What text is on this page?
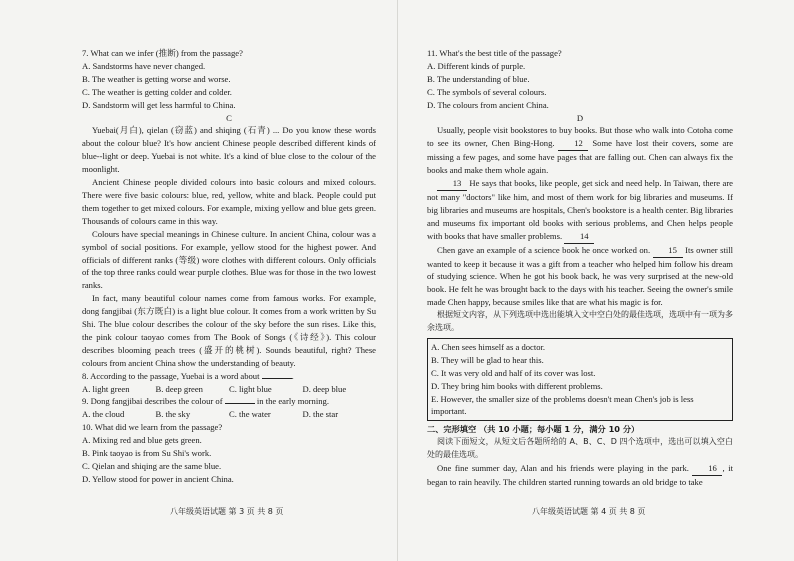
7. What can we infer (推断) from the passage?
A. Sandstorms have never changed.
B. The weather is getting worse and worse.
C. The weather is getting colder and colder.
D. Sandstorm will get less harmful to China.
C

Yuebai(月白), qielan (窃蓝) and shiqing (石青) ... Do you know these words about the colour blue? It's how ancient Chinese people described different kinds of blue--light or deep. Yuebai is not white. It's a kind of blue close to the colour of the moonlight.

Ancient Chinese people divided colours into basic colours and mixed colours. There were five basic colours: blue, red, yellow, white and black. People could put them together to get mixed colours. For example, mixing yellow and blue gets green. Thousands of colours came in this way.

Colours have special meanings in Chinese culture. In ancient China, colour was a symbol of social positions. For example, yellow stood for the highest power. And officials of different ranks (等级) wore clothes with different colours. Only officials of the top three ranks could wear purple clothes. Blue was for those in the two lowest ranks.

In fact, many beautiful colour names come from famous works. For example, dong fangjibai (东方既白) is a light blue colour. It comes from a work written by Su Shi. The blue colour describes the colour of the sky before the sun rises. Like this, the pink colour taoyao comes from The Book of Songs (《诗经》). This colour describes blooming peach trees (盛开的桃树). Sounds beautiful, right? These colours from ancient China show the understanding of beauty.

8. According to the passage, Yuebai is a word about	.
A. light green	B. deep green	C. light blue	D. deep blue
9. Dong fangjibai describes the colour of	in the early morning.
A. the cloud	B. the sky	C. the water	D. the star
10. What did we learn from the passage?
A. Mixing red and blue gets green.
B. Pink taoyao is from Su Shi's work.
C. Qielan and shiqing are the same blue.
D. Yellow stood for power in ancient China.
八年级英语试题 第 3 页 共 8 页
11. What's the best title of the passage?
A. Different kinds of purple.
B. The understanding of blue.
C. The symbols of several colours.
D. The colours from ancient China.
D

Usually, people visit bookstores to buy books. But those who walk into Cotoha come to see its owner, Chen Bing-Hong. 12 Some have lost their covers, some are missing a few pages, and some have pages that are falling out. Chen can always fix the books and make them whole again.

13 He says that books, like people, get sick and need help. In Taiwan, there are not many "doctors" like him, and most of them work for big libraries and museums. If big libraries and museums are hospitals, Chen's bookstore is a health center. Big libraries and museums fix important old books with serious problems, and Chen helps people with books that have smaller problems. 14

Chen gave an example of a science book he once worked on. 15 Its owner still wanted to keep it because it was a gift from a teacher who helped him follow his dream of studying science. When he got his book back, he was very surprised at the new-old book. He felt he was brought back to the days with his teacher. Seeing the owner's smile made Chen happy, because smiles like that are what his magic is for.

根据短文内容，从下列选项中选出能填入文中空白处的最佳选项，选项中有一项为多余选项。

A. Chen sees himself as a doctor.
B. They will be glad to hear this.
C. It was very old and half of its cover was lost.
D. They bring him books with different problems.
E. However, the smaller size of the problems doesn't mean Chen's job is less important.
二、完形填空 （共 10 小题；每小题 1 分，满分 10 分）

阅读下面短文，从短文后各题所给的 A、B、C、D 四个选项中，选出可以填入空白处的最佳选项。

One fine summer day, Alan and his friends were playing in the park. 16 , it began to rain heavily. The children started running towards an old bridge to take

八年级英语试题 第 4 页 共 8 页
